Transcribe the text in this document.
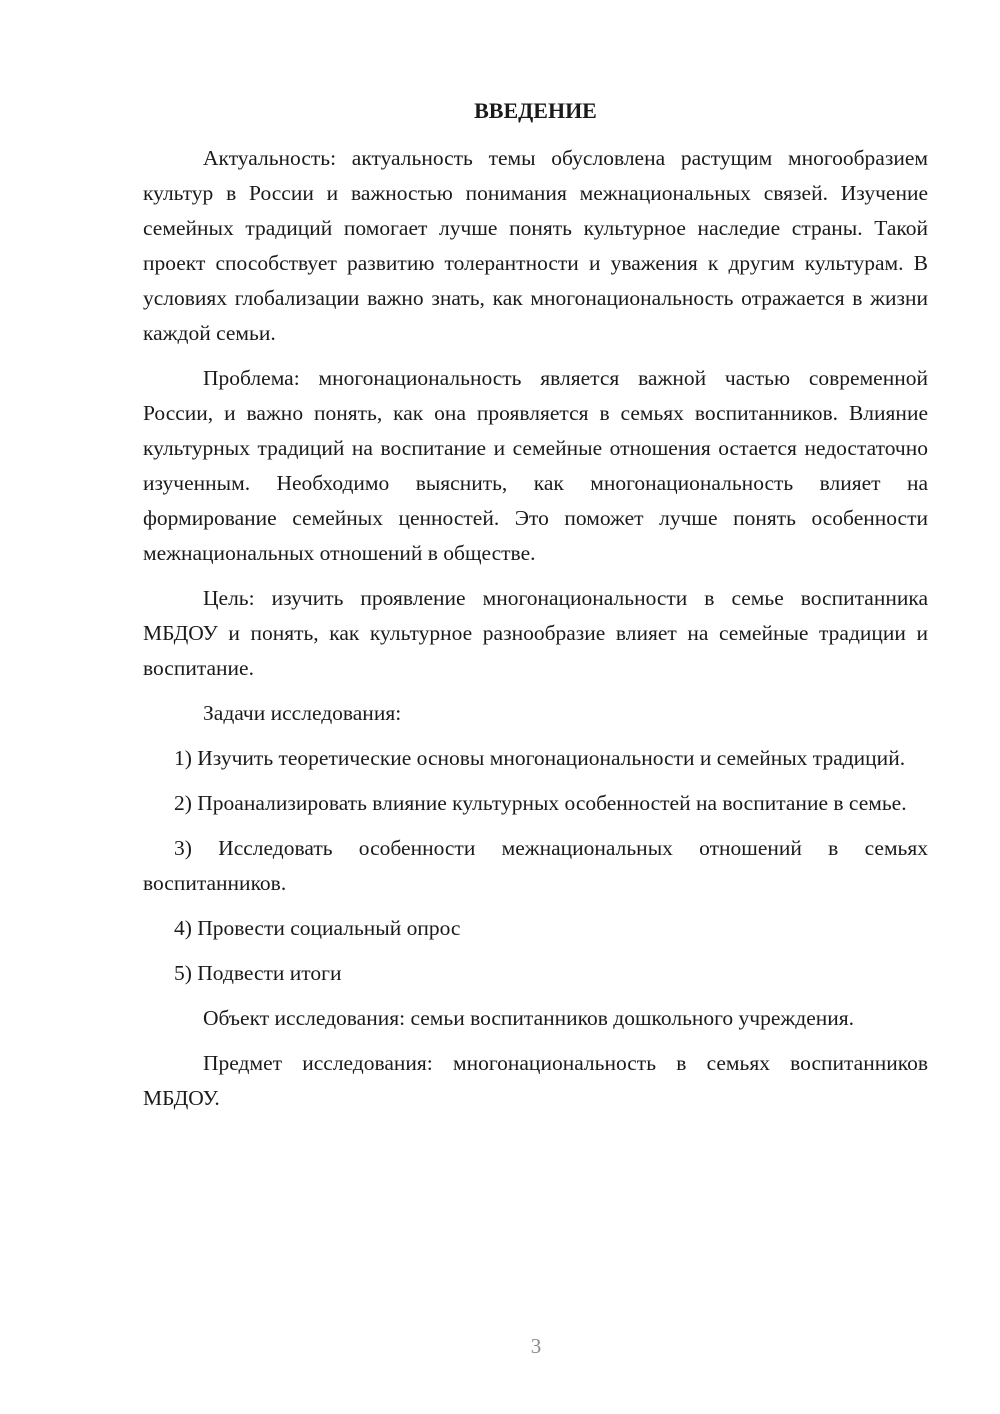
ВВЕДЕНИЕ

Актуальность: актуальность темы обусловлена растущим многообразием культур в России и важностью понимания межнациональных связей. Изучение семейных традиций помогает лучше понять культурное наследие страны. Такой проект способствует развитию толерантности и уважения к другим культурам. В условиях глобализации важно знать, как многонациональность отражается в жизни каждой семьи.

Проблема: многонациональность является важной частью современной России, и важно понять, как она проявляется в семьях воспитанников. Влияние культурных традиций на воспитание и семейные отношения остается недостаточно изученным. Необходимо выяснить, как многонациональность влияет на формирование семейных ценностей. Это поможет лучше понять особенности межнациональных отношений в обществе.

Цель: изучить проявление многонациональности в семье воспитанника МБДОУ и понять, как культурное разнообразие влияет на семейные традиции и воспитание.

Задачи исследования:

1) Изучить теоретические основы многонациональности и семейных традиций.

2) Проанализировать влияние культурных особенностей на воспитание в семье.

3) Исследовать особенности межнациональных отношений в семьях воспитанников.

4) Провести социальный опрос

5) Подвести итоги

Объект исследования: семьи воспитанников дошкольного учреждения.

Предмет исследования: многонациональность в семьях воспитанников МБДОУ.

3
